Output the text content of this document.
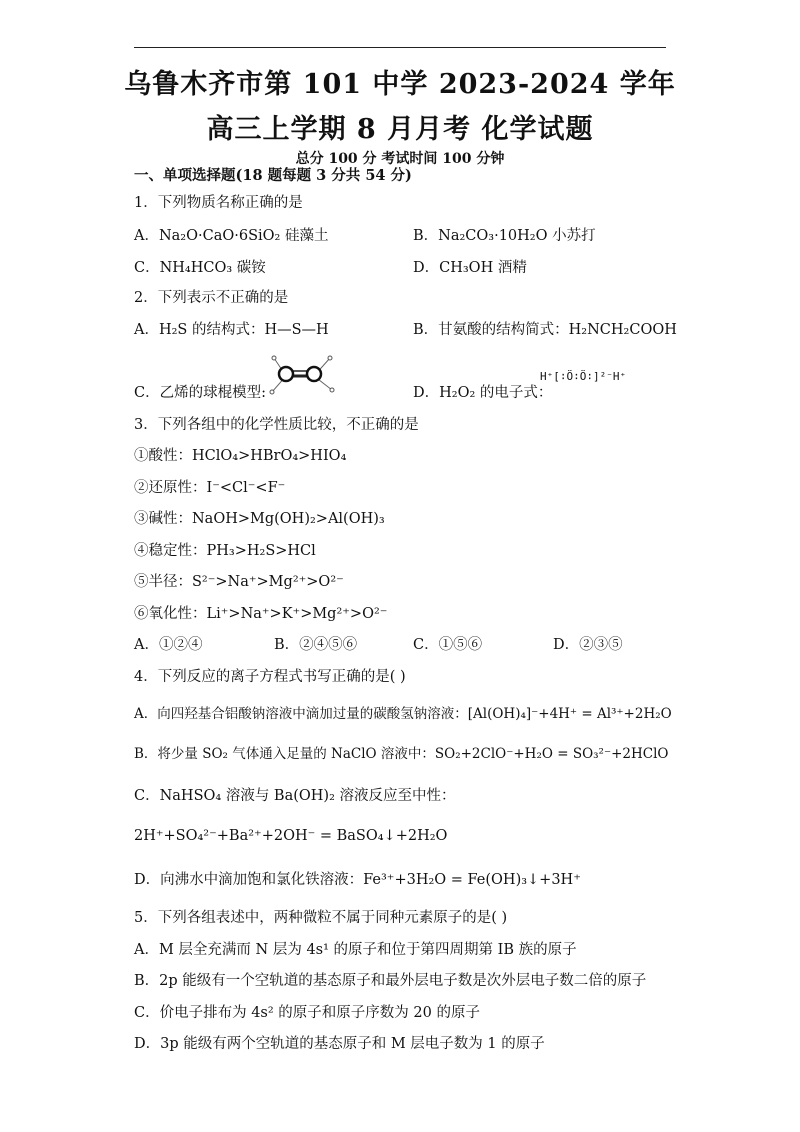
乌鲁木齐市第 101 中学 2023-2024 学年
高三上学期 8 月月考 化学试题
总分 100 分 考试时间 100 分钟
一、单项选择题(18 题每题 3 分共 54 分)
1．下列物质名称正确的是
A．Na₂O·CaO·6SiO₂ 硅藻土	B．Na₂CO₃·10H₂O 小苏打
C．NH₄HCO₃ 碳铵	D．CH₃OH 酒精
2．下列表示不正确的是
A．H₂S 的结构式：H—S—H	B．甘氨酸的结构简式：H₂NCH₂COOH
C．乙烯的球棍模型:	D．H₂O₂ 的电子式：
H⁺[∶Ö∶Ö∶]²⁻H⁺
3．下列各组中的化学性质比较，不正确的是
①酸性：HClO₄>HBrO₄>HIO₄
②还原性：I⁻<Cl⁻<F⁻
③碱性：NaOH>Mg(OH)₂>Al(OH)₃
④稳定性：PH₃>H₂S>HCl
⑤半径：S²⁻>Na⁺>Mg²⁺>O²⁻
⑥氧化性：Li⁺>Na⁺>K⁺>Mg²⁺>O²⁻
A．①②④	B．②④⑤⑥	C．①⑤⑥	D．②③⑤
4．下列反应的离子方程式书写正确的是( )
A．向四羟基合铝酸钠溶液中滴加过量的碳酸氢钠溶液：[Al(OH)₄]⁻+4H⁺ = Al³⁺+2H₂O
B．将少量 SO₂ 气体通入足量的 NaClO 溶液中：SO₂+2ClO⁻+H₂O = SO₃²⁻+2HClO
C．NaHSO₄ 溶液与 Ba(OH)₂ 溶液反应至中性：
2H⁺+SO₄²⁻+Ba²⁺+2OH⁻ = BaSO₄↓+2H₂O
D．向沸水中滴加饱和氯化铁溶液：Fe³⁺+3H₂O = Fe(OH)₃↓+3H⁺
5．下列各组表述中，两种微粒不属于同种元素原子的是( )
A．M 层全充满而 N 层为 4s¹ 的原子和位于第四周期第 IB 族的原子
B．2p 能级有一个空轨道的基态原子和最外层电子数是次外层电子数二倍的原子
C．价电子排布为 4s² 的原子和原子序数为 20 的原子
D．3p 能级有两个空轨道的基态原子和 M 层电子数为 1 的原子
